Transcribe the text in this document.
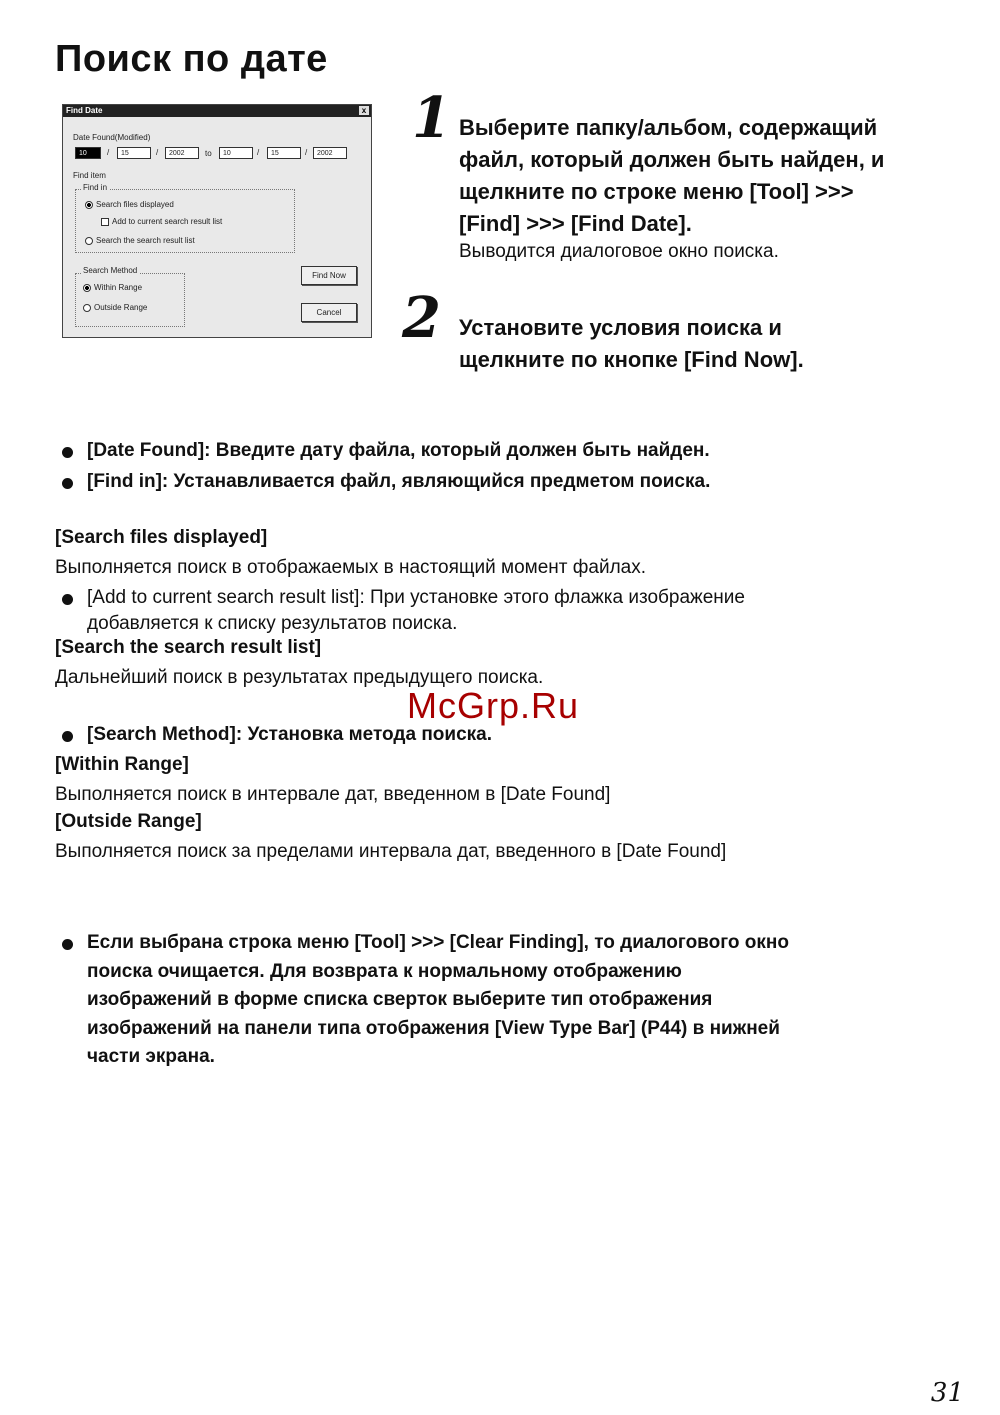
Поиск по дате
Find Date	x
Date Found(Modified)
10	/	15	/	2002	to	10	/	15	/	2002
Find item
Find in
Search files displayed
Add to current search result list
Search the search result list
Search Method
Within Range
Outside Range
Find Now
Cancel
1 Выберите папку/альбом, содержащий
файл, который должен быть найден, и
щелкните по строке меню [Tool] >>>
[Find] >>> [Find Date].
Выводится диалоговое окно поиска.
2 Установите условия поиска и
щелкните по кнопке [Find Now].
[Date Found]: Введите дату файла, который должен быть найден.
[Find in]: Устанавливается файл, являющийся предметом поиска.
[Search files displayed]
Выполняется поиск в отображаемых в настоящий момент файлах.
[Add to current search result list]: При установке этого флажка изображение
добавляется к списку результатов поиска.
[Search the search result list]
Дальнейший поиск в результатах предыдущего поиска.
McGrp.Ru
[Search Method]: Установка метода поиска.
[Within Range]
Выполняется поиск в интервале дат, введенном в [Date Found]
[Outside Range]
Выполняется поиск за пределами интервала дат, введенного в [Date Found]
Если выбрана строка меню [Tool] >>> [Clear Finding], то диалогового окно
поиска очищается. Для возврата к нормальному отображению
изображений в форме списка сверток выберите тип отображения
изображений на панели типа отображения [View Type Bar] (P44) в нижней
части экрана.
31
